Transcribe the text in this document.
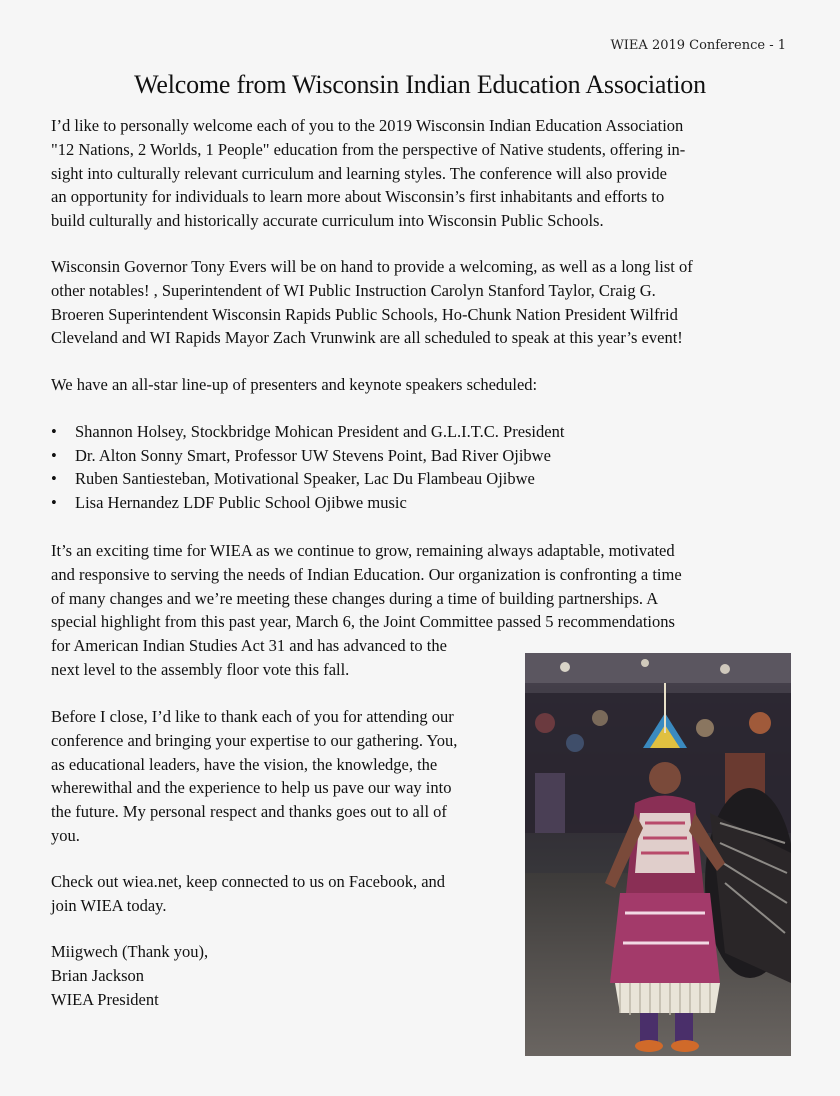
WIEA 2019 Conference - 1
Welcome from Wisconsin Indian Education Association

I’d like to personally welcome each of you to the 2019 Wisconsin Indian Education Association
"12 Nations, 2 Worlds, 1 People" education from the perspective of Native students, offering in-
sight into culturally relevant curriculum and learning styles. The conference will also provide
an opportunity for individuals to learn more about Wisconsin’s first inhabitants and efforts to
build culturally and historically accurate curriculum into Wisconsin Public Schools.

Wisconsin Governor Tony Evers will be on hand to provide a welcoming, as well as a long list of
other notables! , Superintendent of WI Public Instruction Carolyn Stanford Taylor, Craig G.
Broeren Superintendent Wisconsin Rapids Public Schools, Ho-Chunk Nation President Wilfrid
Cleveland and WI Rapids Mayor Zach Vrunwink are all scheduled to speak at this year’s event!

We have an all-star line-up of presenters and keynote speakers scheduled:

•	Shannon Holsey, Stockbridge Mohican President and G.L.I.T.C. President
•	Dr. Alton Sonny Smart, Professor UW Stevens Point, Bad River Ojibwe
•	Ruben Santiesteban, Motivational Speaker, Lac Du Flambeau Ojibwe
•	Lisa Hernandez LDF Public School Ojibwe music

It’s an exciting time for WIEA as we continue to grow, remaining always adaptable, motivated
and responsive to serving the needs of Indian Education. Our organization is confronting a time
of many changes and we’re meeting these changes during a time of building partnerships. A
special highlight from this past year, March 6, the Joint Committee passed 5 recommendations
for American Indian Studies Act 31 and has advanced to the
next level to the assembly floor vote this fall.

Before I close, I’d like to thank each of you for attending our
conference and bringing your expertise to our gathering. You,
as educational leaders, have the vision, the knowledge, the
wherewithal and the experience to help us pave our way into
the future. My personal respect and thanks goes out to all of
you.

Check out wiea.net, keep connected to us on Facebook, and
join WIEA today.

Miigwech (Thank you),
Brian Jackson
WIEA President
